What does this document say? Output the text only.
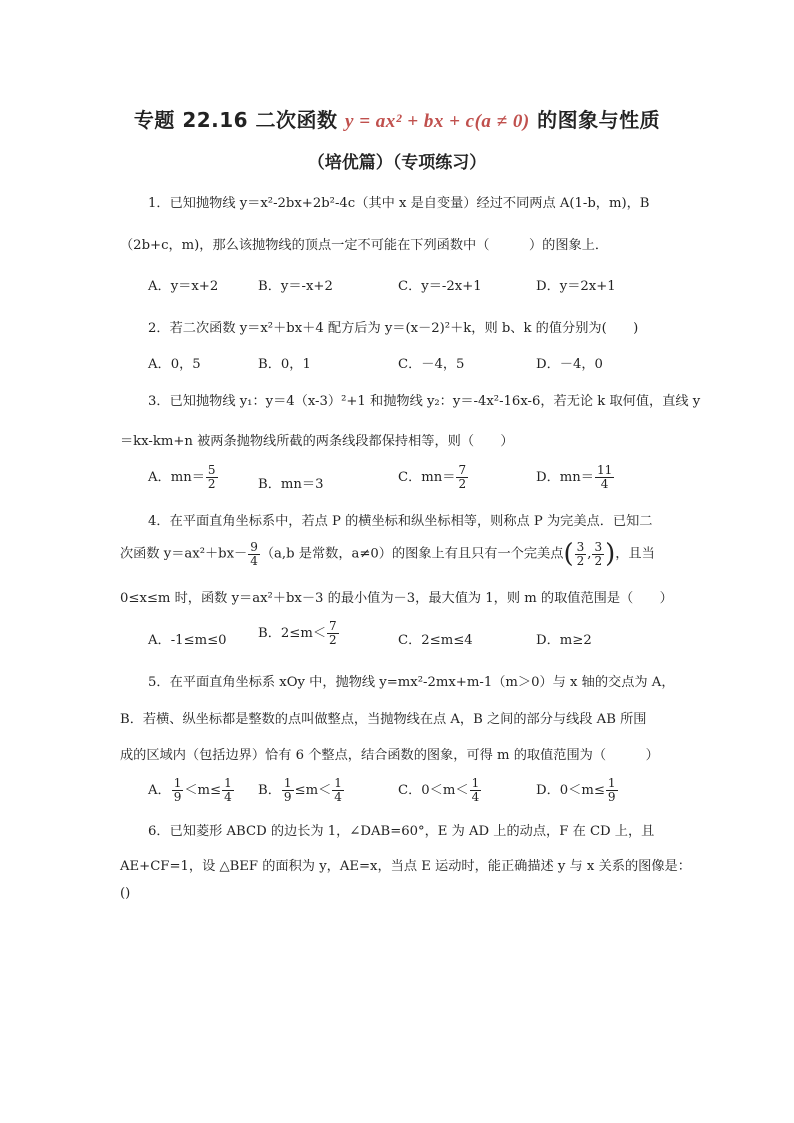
专题 22.16 二次函数 y = ax² + bx + c(a ≠ 0) 的图象与性质
（培优篇）（专项练习）
1．已知抛物线 y＝x²-2bx+2b²-4c（其中 x 是自变量）经过不同两点 A(1-b，m)，B
（2b+c，m)，那么该抛物线的顶点一定不可能在下列函数中（　　　）的图象上．
A．y＝x+2	B．y＝-x+2	C．y＝-2x+1	D．y＝2x+1
2．若二次函数 y＝x²＋bx＋4 配方后为 y＝(x－2)²＋k，则 b、k 的值分别为(　　)
A．0，5	B．0，1	C．－4，5	D．－4，0
3．已知抛物线 y₁：y＝4（x-3）²+1 和抛物线 y₂：y＝-4x²-16x-6，若无论 k 取何值，直线 y
＝kx-km+n 被两条抛物线所截的两条线段都保持相等，则（　　）
A．$mn= \frac{5}{2}$	B．mn＝3	C．$mn= \frac{7}{2}$	D．$mn= \frac{11}{4}$
4．在平面直角坐标系中，若点 P 的横坐标和纵坐标相等，则称点 P 为完美点．已知二
次函数 $y=ax^2+bx- \frac{9}{4} (a,b$ 是常数，a≠0）的图象上有且只有一个完美点( $\frac{3}{2}$ , $\frac{3}{2}$ )，且当
0≤x≤m 时，函数 y＝ax²＋bx－3 的最小值为－3，最大值为 1，则 m 的取值范围是（　　）
A．-1≤m≤0 B．$2\le m< \frac{7}{2}$	C．2≤m≤4	D．m≥2
5．在平面直角坐标系 xOy 中，抛物线 y=mx²-2mx+m-1（m＞0）与 x 轴的交点为 A，
B．若横、纵坐标都是整数的点叫做整点，当抛物线在点 A，B 之间的部分与线段 AB 所围
成的区域内（包括边界）恰有 6 个整点，结合函数的图象，可得 m 的取值范围为（　　　）
A． $\frac{1}{9} <m\le \frac{1}{4}$ B． $\frac{1}{9} \le m< \frac{1}{4}$	C．$0<m< \frac{1}{4}$	D．$0<m\le \frac{1}{9}$
6．已知菱形 ABCD 的边长为 1，∠DAB=60°，E 为 AD 上的动点，F 在 CD 上，且
AE+CF=1，设 △BEF 的面积为 y，AE=x，当点 E 运动时，能正确描述 y 与 x 关系的图像是：
()
